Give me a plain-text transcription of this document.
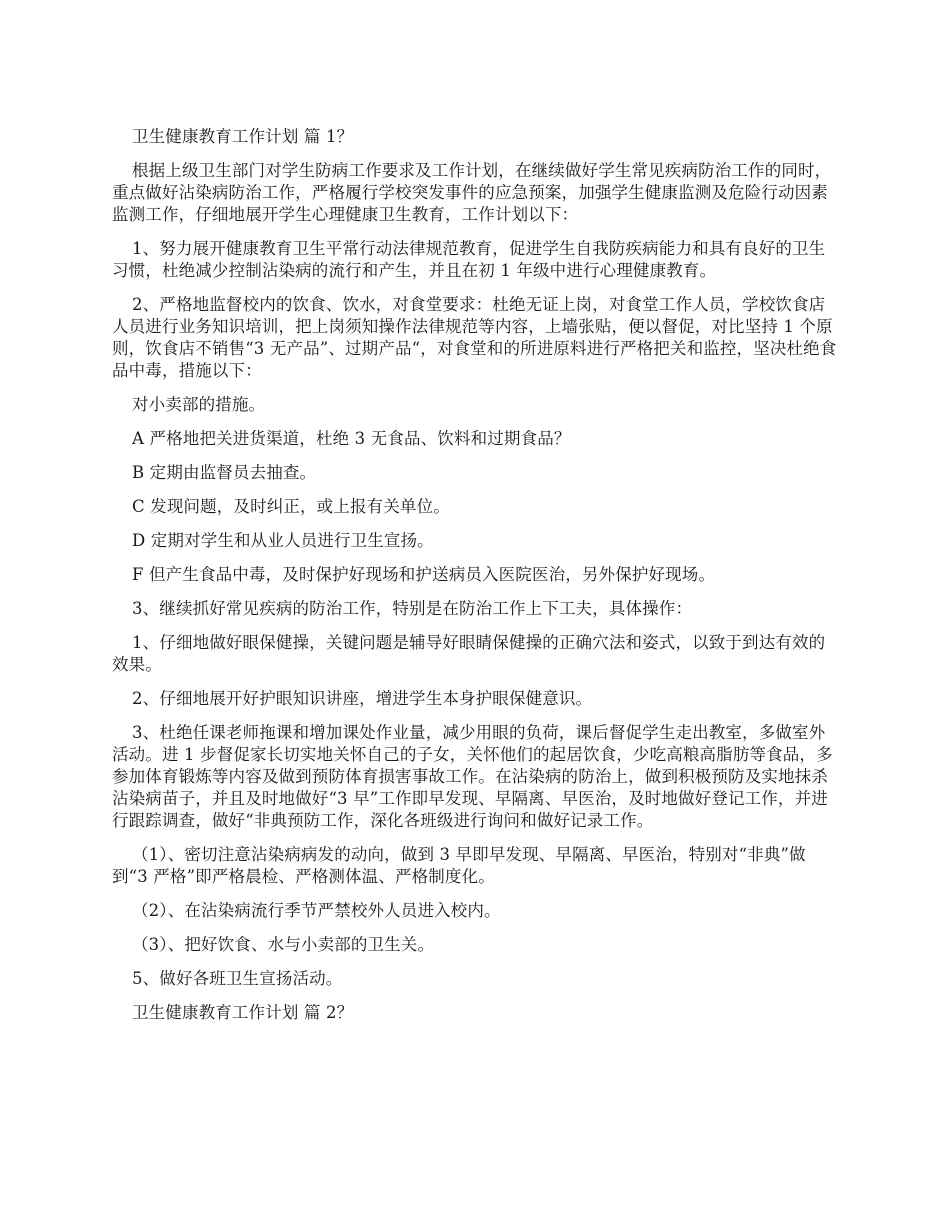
卫生健康教育工作计划 篇 1？

根据上级卫生部门对学生防病工作要求及工作计划，在继续做好学生常见疾病防治工作的同时，重点做好沾染病防治工作，严格履行学校突发事件的应急预案，加强学生健康监测及危险行动因素监测工作，仔细地展开学生心理健康卫生教育，工作计划以下：

1、努力展开健康教育卫生平常行动法律规范教育，促进学生自我防疾病能力和具有良好的卫生习惯，杜绝减少控制沾染病的流行和产生，并且在初 1 年级中进行心理健康教育。

2、严格地监督校内的饮食、饮水，对食堂要求：杜绝无证上岗，对食堂工作人员，学校饮食店人员进行业务知识培训，把上岗须知操作法律规范等内容，上墙张贴，便以督促，对比坚持 1 个原则，饮食店不销售“3 无产品”、过期产品“，对食堂和的所进原料进行严格把关和监控，坚决杜绝食品中毒，措施以下：

对小卖部的措施。

A 严格地把关进货渠道，杜绝 3 无食品、饮料和过期食品？

B 定期由监督员去抽查。

C 发现问题，及时纠正，或上报有关单位。

D 定期对学生和从业人员进行卫生宣扬。

F 但产生食品中毒，及时保护好现场和护送病员入医院医治，另外保护好现场。

3、继续抓好常见疾病的防治工作，特别是在防治工作上下工夫，具体操作：

1、仔细地做好眼保健操，关键问题是辅导好眼睛保健操的正确穴法和姿式，以致于到达有效的效果。

2、仔细地展开好护眼知识讲座，增进学生本身护眼保健意识。

3、杜绝任课老师拖课和增加课处作业量，减少用眼的负荷，课后督促学生走出教室，多做室外活动。进 1 步督促家长切实地关怀自己的子女，关怀他们的起居饮食，少吃高粮高脂肪等食品，多参加体育锻炼等内容及做到预防体育损害事故工作。在沾染病的防治上，做到积极预防及实地抹杀沾染病苗子，并且及时地做好“3 早”工作即早发现、早隔离、早医治，及时地做好登记工作，并进行跟踪调查，做好“非典预防工作，深化各班级进行询问和做好记录工作。

（1）、密切注意沾染病病发的动向，做到 3 早即早发现、早隔离、早医治，特别对“非典”做到“3 严格”即严格晨检、严格测体温、严格制度化。

（2）、在沾染病流行季节严禁校外人员进入校内。

（3）、把好饮食、水与小卖部的卫生关。

5、做好各班卫生宣扬活动。

卫生健康教育工作计划 篇 2？
